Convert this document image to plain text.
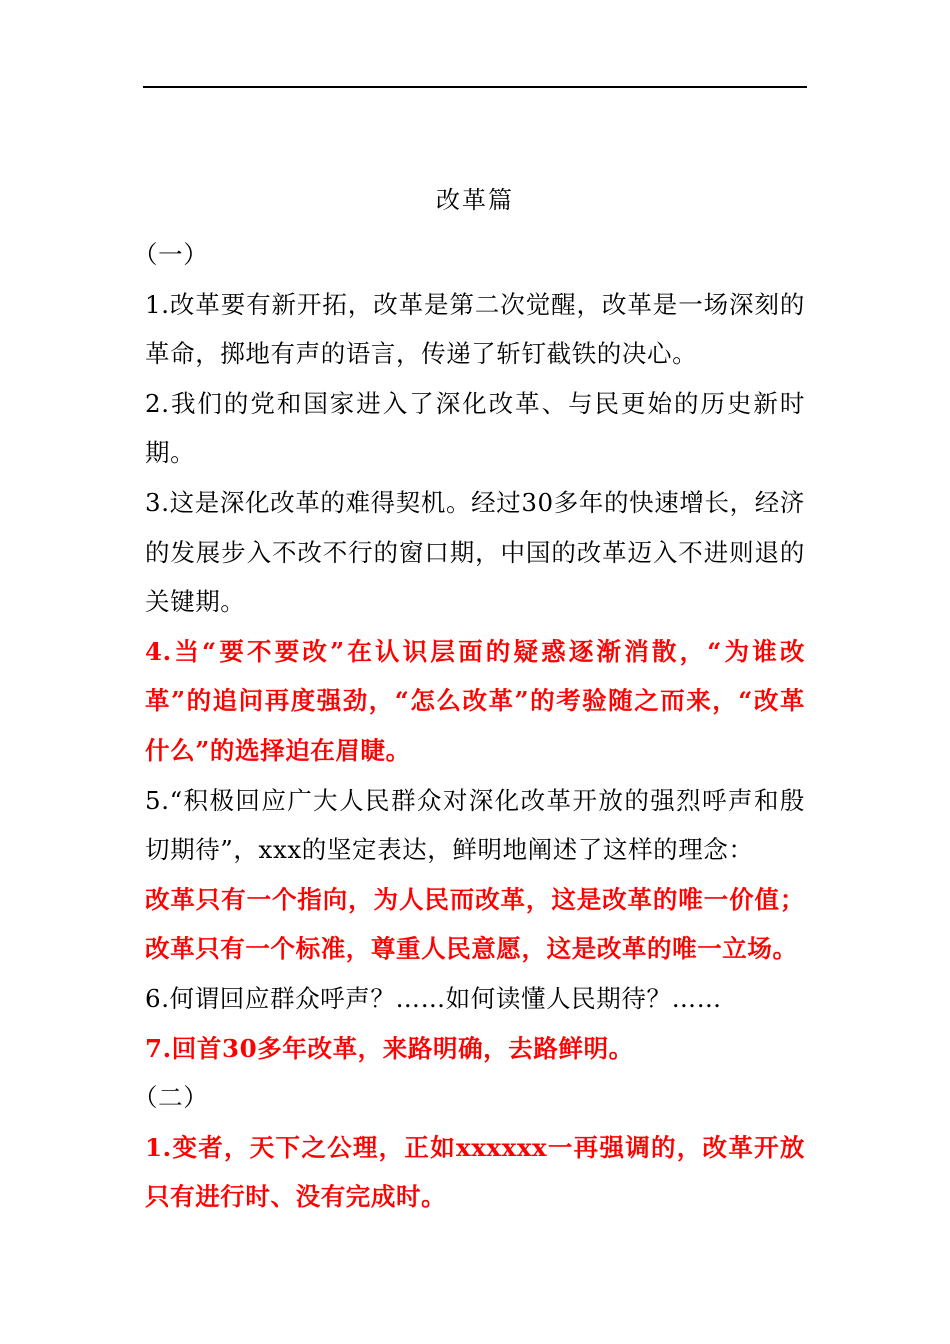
改革篇

（一）

1.改革要有新开拓，改革是第二次觉醒，改革是一场深刻的革命，掷地有声的语言，传递了斩钉截铁的决心。

2.我们的党和国家进入了深化改革、与民更始的历史新时期。

3.这是深化改革的难得契机。经过30多年的快速增长，经济的发展步入不改不行的窗口期，中国的改革迈入不进则退的关键期。

4.当“要不要改”在认识层面的疑惑逐渐消散，“为谁改革”的追问再度强劲，“怎么改革”的考验随之而来，“改革什么”的选择迫在眉睫。

5.“积极回应广大人民群众对深化改革开放的强烈呼声和殷切期待”，xxx的坚定表达，鲜明地阐述了这样的理念：

改革只有一个指向，为人民而改革，这是改革的唯一价值；改革只有一个标准，尊重人民意愿，这是改革的唯一立场。

6.何谓回应群众呼声？……如何读懂人民期待？……

7.回首30多年改革，来路明确，去路鲜明。

（二）

1.变者，天下之公理，正如xxxxxx一再强调的，改革开放只有进行时、没有完成时。
